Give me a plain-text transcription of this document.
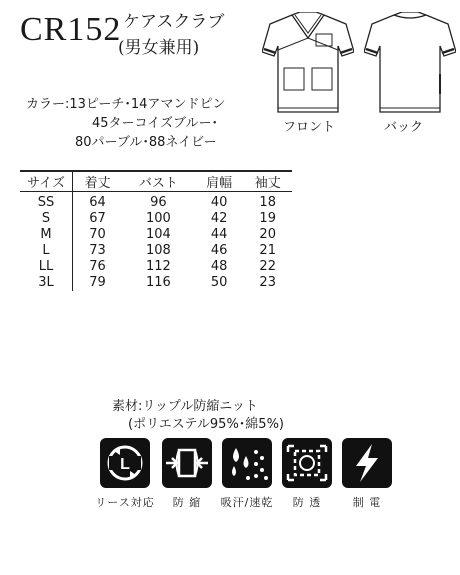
CR152 ケアスクラブ
(男女兼用)
フロント	バック
カラー:13ピーチ･14アマンドピン
45ターコイズブルー･
80パーブル･88ネイビー
サイズ	着丈	バスト	肩幅	袖丈
SS	64	96	40	18
S	67	100	42	19
M	70	104	44	20
L	73	108	46	21
LL	76	112	48	22
3L	79	116	50	23
素材:リップル防縮ニット
(ポリエステル95%･綿5%)
L
リース対応	防 縮	吸汗/速乾	防 透	制 電
